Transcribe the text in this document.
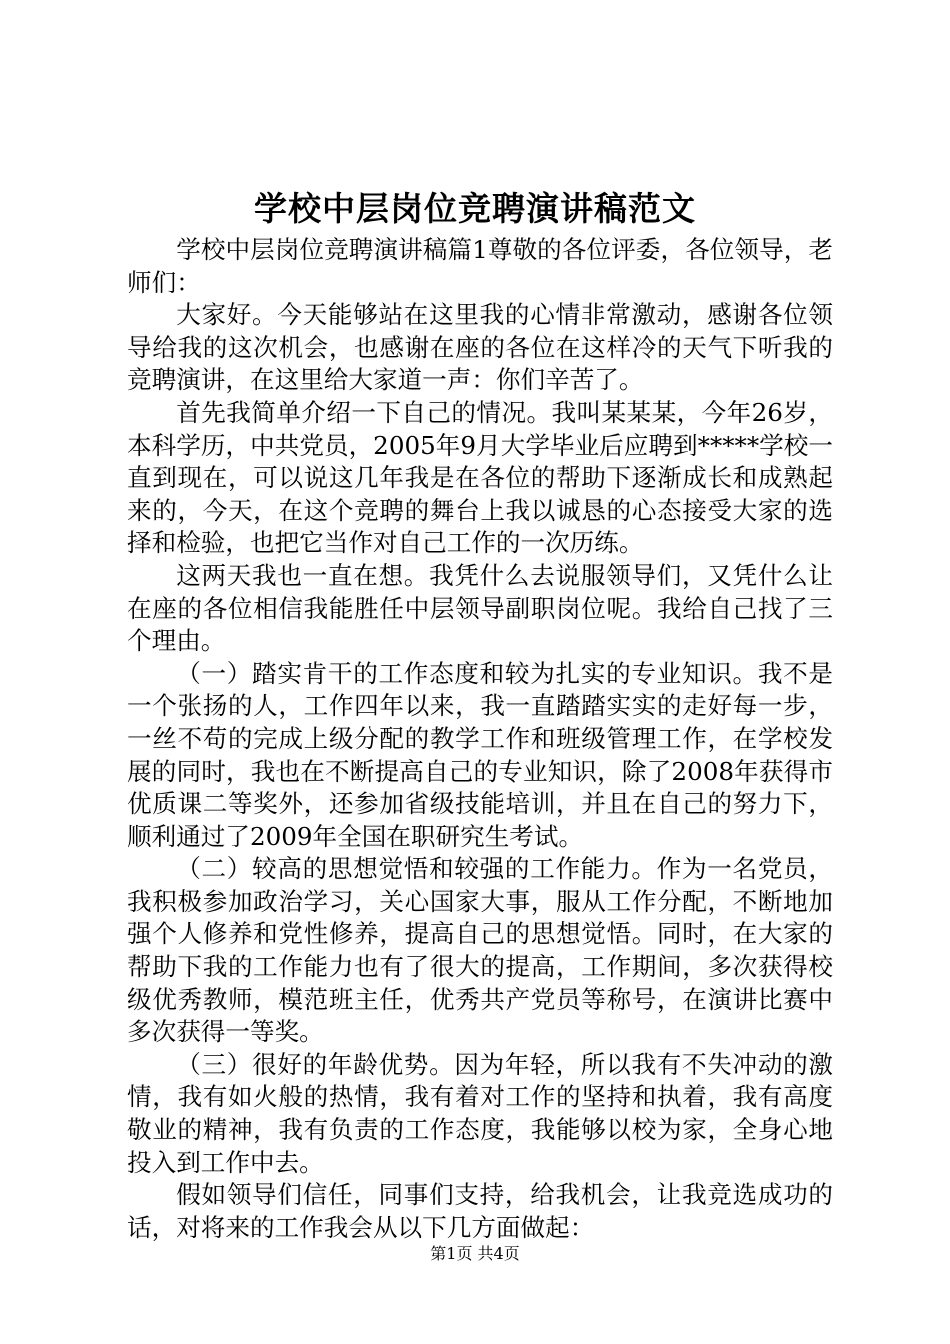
学校中层岗位竞聘演讲稿范文

学校中层岗位竞聘演讲稿篇1尊敬的各位评委，各位领导，老师们：

大家好。今天能够站在这里我的心情非常激动，感谢各位领导给我的这次机会，也感谢在座的各位在这样冷的天气下听我的竞聘演讲，在这里给大家道一声：你们辛苦了。

首先我简单介绍一下自己的情况。我叫某某某，今年26岁，本科学历，中共党员，2005年9月大学毕业后应聘到*****学校一直到现在，可以说这几年我是在各位的帮助下逐渐成长和成熟起来的，今天，在这个竞聘的舞台上我以诚恳的心态接受大家的选择和检验，也把它当作对自己工作的一次历练。

这两天我也一直在想。我凭什么去说服领导们，又凭什么让在座的各位相信我能胜任中层领导副职岗位呢。我给自己找了三个理由。

（一）踏实肯干的工作态度和较为扎实的专业知识。我不是一个张扬的人，工作四年以来，我一直踏踏实实的走好每一步，一丝不苟的完成上级分配的教学工作和班级管理工作，在学校发展的同时，我也在不断提高自己的专业知识，除了2008年获得市优质课二等奖外，还参加省级技能培训，并且在自己的努力下，顺利通过了2009年全国在职研究生考试。

（二）较高的思想觉悟和较强的工作能力。作为一名党员，我积极参加政治学习，关心国家大事，服从工作分配，不断地加强个人修养和党性修养，提高自己的思想觉悟。同时，在大家的帮助下我的工作能力也有了很大的提高，工作期间，多次获得校级优秀教师，模范班主任，优秀共产党员等称号，在演讲比赛中多次获得一等奖。

（三）很好的年龄优势。因为年轻，所以我有不失冲动的激情，我有如火般的热情，我有着对工作的坚持和执着，我有高度敬业的精神，我有负责的工作态度，我能够以校为家，全身心地投入到工作中去。

假如领导们信任，同事们支持，给我机会，让我竞选成功的话，对将来的工作我会从以下几方面做起：

第1页 共4页
